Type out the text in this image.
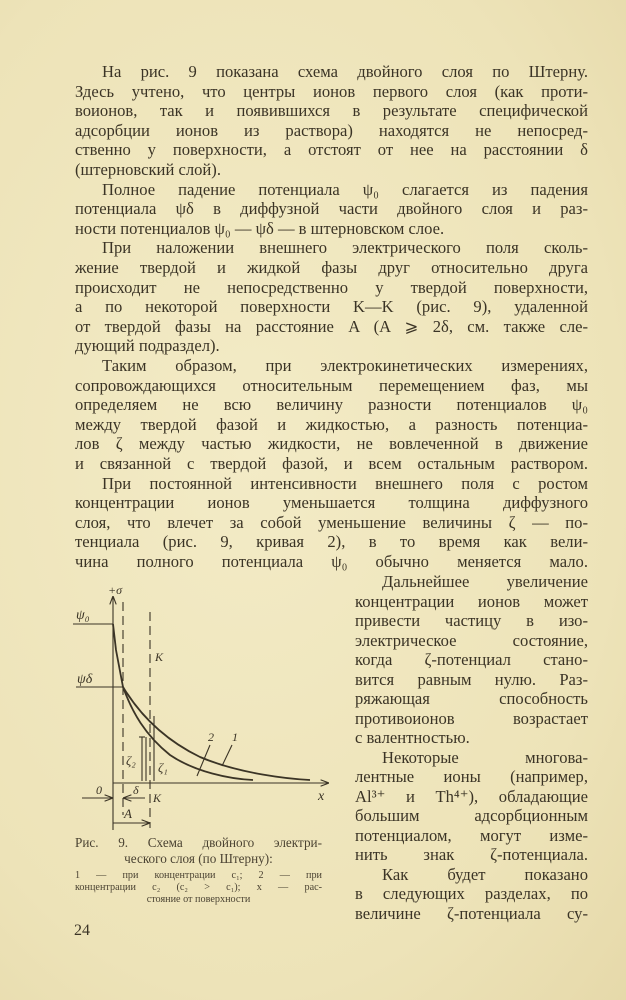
На рис. 9 показана схема двойного слоя по Штерну.
Здесь учтено, что центры ионов первого слоя (как проти-
воионов, так и появившихся в результате специфической
адсорбции ионов из раствора) находятся не непосред-
ственно у поверхности, а отстоят от нее на расстоянии δ
(штерновский слой).
Полное падение потенциала ψ₀ слагается из падения
потенциала ψδ в диффузной части двойного слоя и раз-
ности потенциалов ψ₀ — ψδ — в штерновском слое.
При наложении внешнего электрического поля сколь-
жение твердой и жидкой фазы друг относительно друга
происходит не непосредственно у твердой поверхности,
а по некоторой поверхности K—K (рис. 9), удаленной
от твердой фазы на расстояние A (A ⩾ 2δ, см. также сле-
дующий подраздел).
Таким образом, при электрокинетических измерениях,
сопровождающихся относительным перемещением фаз, мы
определяем не всю величину разности потенциалов ψ₀
между твердой фазой и жидкостью, а разность потенциа-
лов ζ между частью жидкости, не вовлеченной в движение
и связанной с твердой фазой, и всем остальным раствором.
При постоянной интенсивности внешнего поля с ростом
концентрации ионов уменьшается толщина диффузного
слоя, что влечет за собой уменьшение величины ζ — по-
тенциала (рис. 9, кривая 2), в то время как вели-
чина полного потенциала ψ₀ обычно меняется мало.
Дальнейшее увеличение
концентрации ионов может
привести частицу в изо-
электрическое состояние,
когда ζ-потенциал стано-
вится равным нулю. Раз-
ряжающая способность
противоионов возрастает
с валентностью.
Некоторые многова-
лентные ионы (например,
Al³⁺ и Th⁴⁺), обладающие
большим адсорбционным
потенциалом, могут изме-
нить знак ζ-потенциала.
Как будет показано
в следующих разделах, по
величине ζ-потенциала су-
+σ
ψ₀
ψδ
K
ζ₂ ζ₁
2 1
0	δ
K	x
A
Рис. 9. Схема двойного электри-
ческого слоя (по Штерну):
1 — при концентрации c₁; 2 — при
концентрации c₂ (c₂ > c₁); x — рас-
стояние от поверхности
24
